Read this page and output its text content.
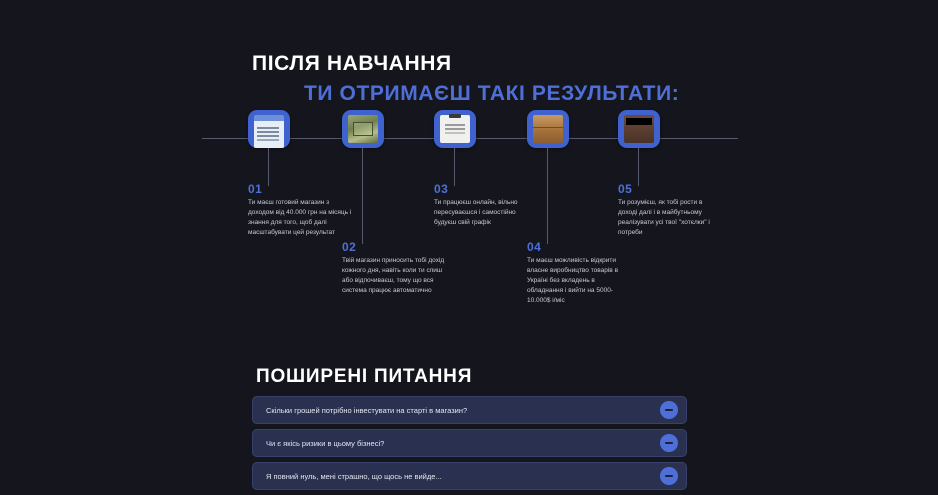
ПІСЛЯ НАВЧАННЯ
ТИ ОТРИМАЄШ ТАКІ РЕЗУЛЬТАТИ:
01
Ти маєш готовий магазин з доходом від 40.000 грн на місяць і знання для того, щоб далі масштабувати цей результат
02
Твій магазин приносить тобі дохід кожного дня, навіть коли ти спиш або відпочиваєш, тому що вся система працює автоматично
03
Ти працюєш онлайн, вільно пересуваєшся і самостійно будуєш свій графік
04
Ти маєш можливість відкрити власне виробництво товарів в Україні без вкладень в обладнання і вийти на 5000-10.000$ і/міс
05
Ти розумієш, як тобі рости в доході далі і в майбутньому реалізувати усі твої "хотєлки" і потреби
ПОШИРЕНІ ПИТАННЯ
Скільки грошей потрібно інвестувати на старті в магазин?
Чи є якісь ризики в цьому бізнесі?
Я повний нуль, мені страшно, що щось не вийде...
